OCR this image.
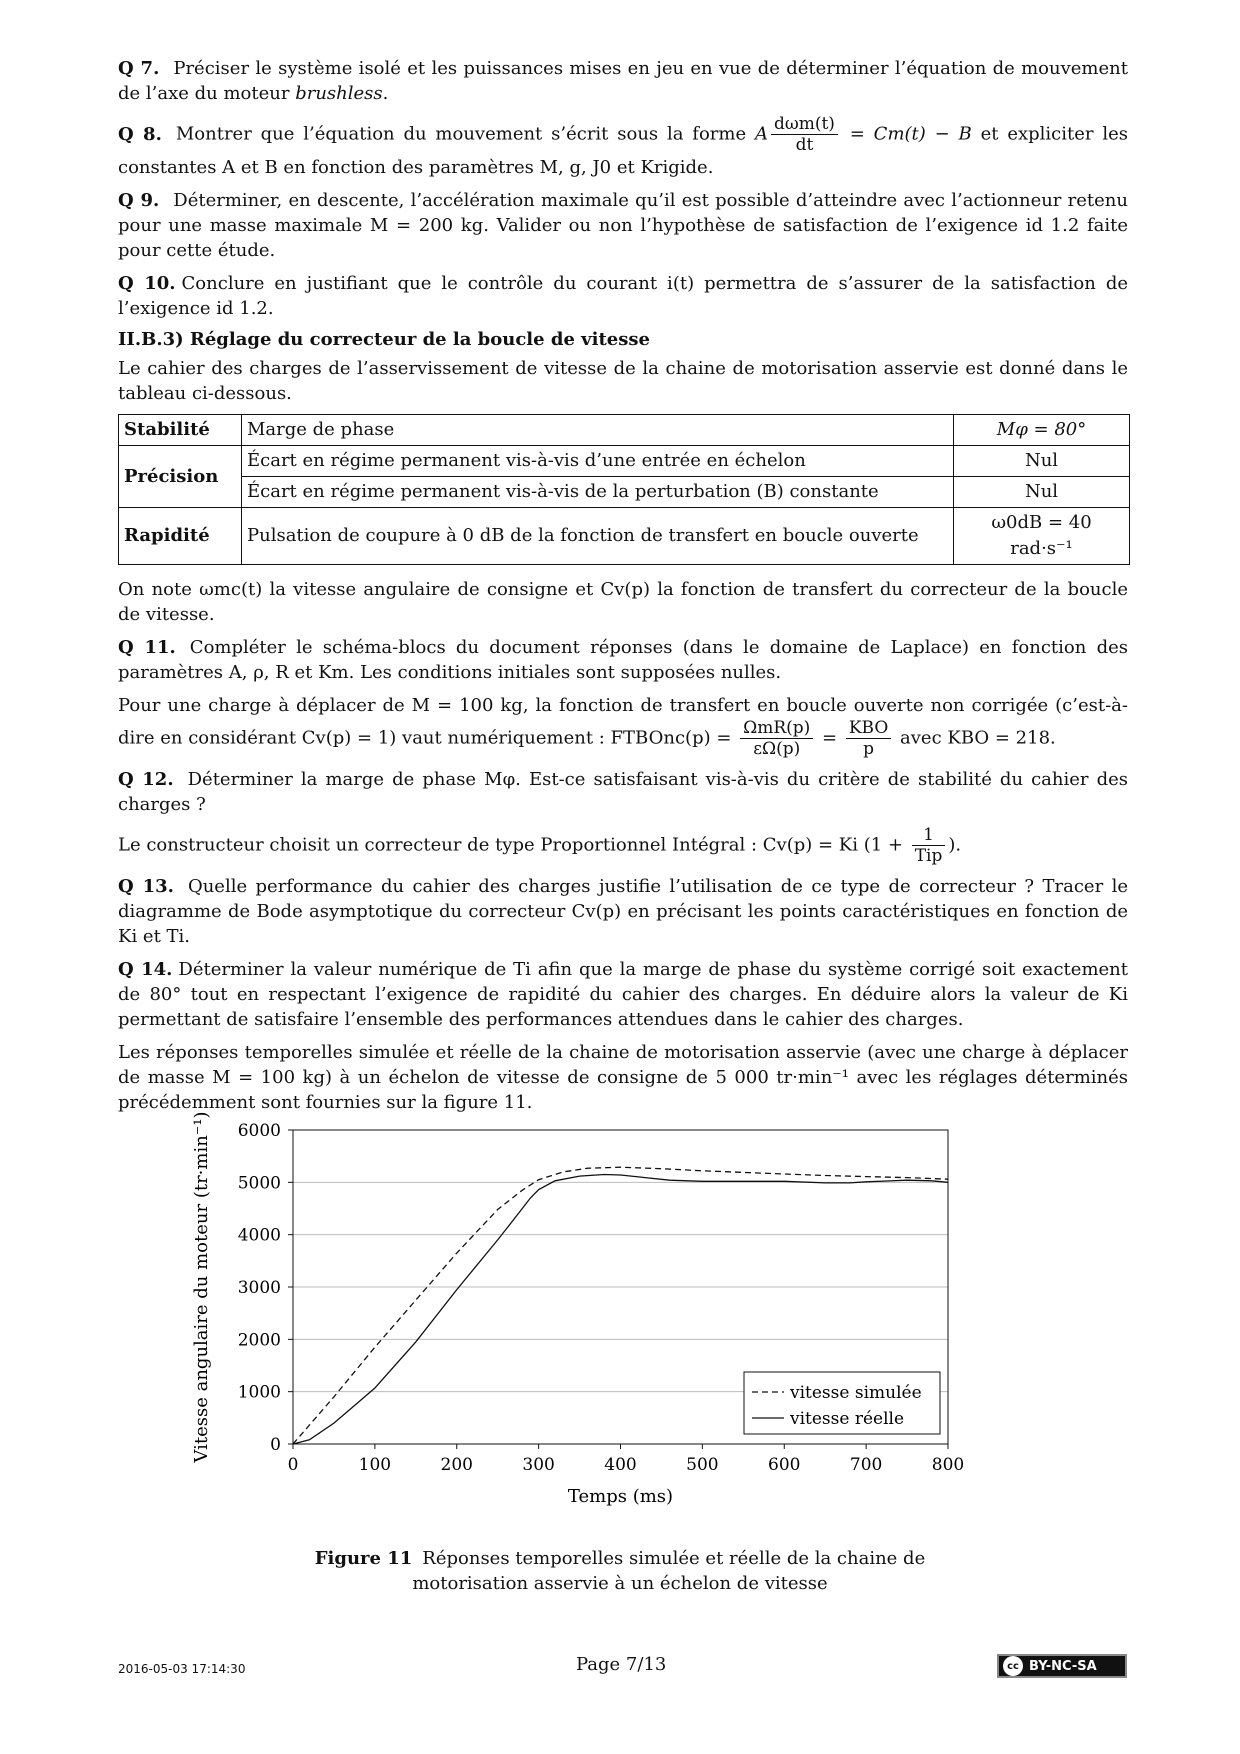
Q 7. Préciser le système isolé et les puissances mises en jeu en vue de déterminer l’équation de mouvement de l’axe du moteur brushless.

Q 8. Montrer que l’équation du mouvement s’écrit sous la forme A $\frac{\text{dωm(t)}}{dt} = Cm(t) - B$ et expliciter les constantes A et B en fonction des paramètres M, g, J0 et Krigide.

Q 9. Déterminer, en descente, l’accélération maximale qu’il est possible d’atteindre avec l’actionneur retenu pour une masse maximale M = 200 kg. Valider ou non l’hypothèse de satisfaction de l’exigence id 1.2 faite pour cette étude.

Q 10. Conclure en justifiant que le contrôle du courant i(t) permettra de s’assurer de la satisfaction de l’exigence id 1.2.

II.B.3) Réglage du correcteur de la boucle de vitesse

Le cahier des charges de l’asservissement de vitesse de la chaine de motorisation asservie est donné dans le tableau ci-dessous.

Stabilité	Marge de phase	Mφ = 80°
Précision	Écart en régime permanent vis-à-vis d’une entrée en échelon	Nul
	Écart en régime permanent vis-à-vis de la perturbation (B) constante	Nul
Rapidité	Pulsation de coupure à 0 dB de la fonction de transfert en boucle ouverte	ω0dB = 40 rad·s⁻¹

On note ωmc(t) la vitesse angulaire de consigne et Cv(p) la fonction de transfert du correcteur de la boucle de vitesse.

Q 11. Compléter le schéma-blocs du document réponses (dans le domaine de Laplace) en fonction des paramètres A, ρ, R et Km. Les conditions initiales sont supposées nulles.

Pour une charge à déplacer de M = 100 kg, la fonction de transfert en boucle ouverte non corrigée (c’est-à-dire en considérant Cv(p) = 1) vaut numériquement : FTBOnc(p) = $\frac{\text{ΩmR(p)}}{\varepsilon\Omega(p)} = \frac{\text{KBO}}{p}$ avec KBO = 218.

Q 12. Déterminer la marge de phase Mφ. Est-ce satisfaisant vis-à-vis du critère de stabilité du cahier des charges ?

Le constructeur choisit un correcteur de type Proportionnel Intégral : Cv(p) = Ki ($1 + \frac{1}{\text{Tip}}$ ).

Q 13. Quelle performance du cahier des charges justifie l’utilisation de ce type de correcteur ? Tracer le diagramme de Bode asymptotique du correcteur Cv(p) en précisant les points caractéristiques en fonction de Ki et Ti.

Q 14. Déterminer la valeur numérique de Ti afin que la marge de phase du système corrigé soit exactement de 80° tout en respectant l’exigence de rapidité du cahier des charges. En déduire alors la valeur de Ki permettant de satisfaire l’ensemble des performances attendues dans le cahier des charges.

Les réponses temporelles simulée et réelle de la chaine de motorisation asservie (avec une charge à déplacer de masse M = 100 kg) à un échelon de vitesse de consigne de 5 000 tr·min⁻¹ avec les réglages déterminés précédemment sont fournies sur la figure 11.

0
1000
2000
3000
4000
5000
6000
0	100	200	300	400	500	600	700	800
Temps (ms)
Vitesse angulaire du moteur (tr·min⁻¹)	vitesse simulée
vitesse réelle
Figure 11 Réponses temporelles simulée et réelle de la chaine de motorisation asservie à un échelon de vitesse
2016-05-03 17:14:30	Page 7/13	cc BY-NC-SA
